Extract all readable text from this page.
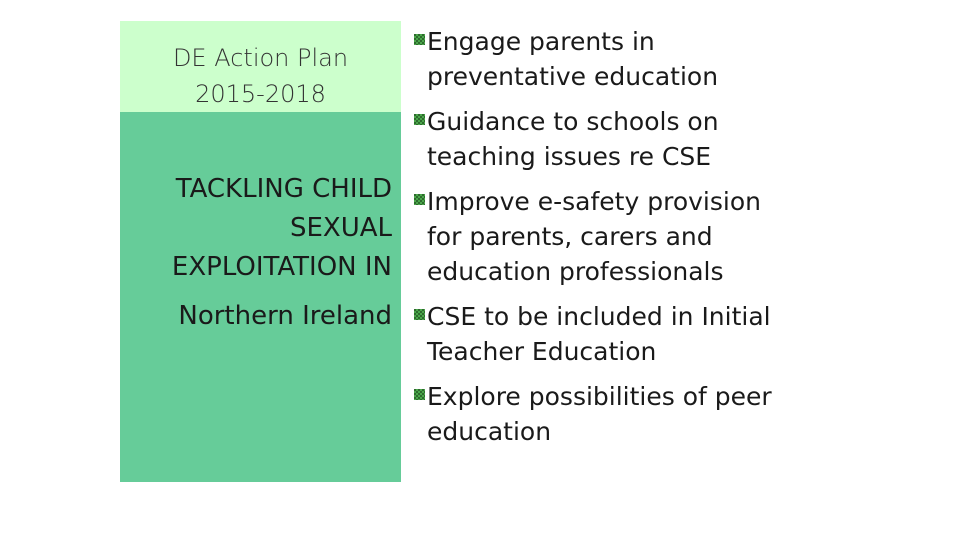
DE Action Plan
2015-2018
TACKLING CHILD
SEXUAL
EXPLOITATION IN
Northern Ireland
Engage parents in
preventative education
Guidance to schools on
teaching issues re CSE
Improve e-safety provision
for parents, carers and
education professionals
CSE to be included in Initial
Teacher Education
Explore possibilities of peer
education
